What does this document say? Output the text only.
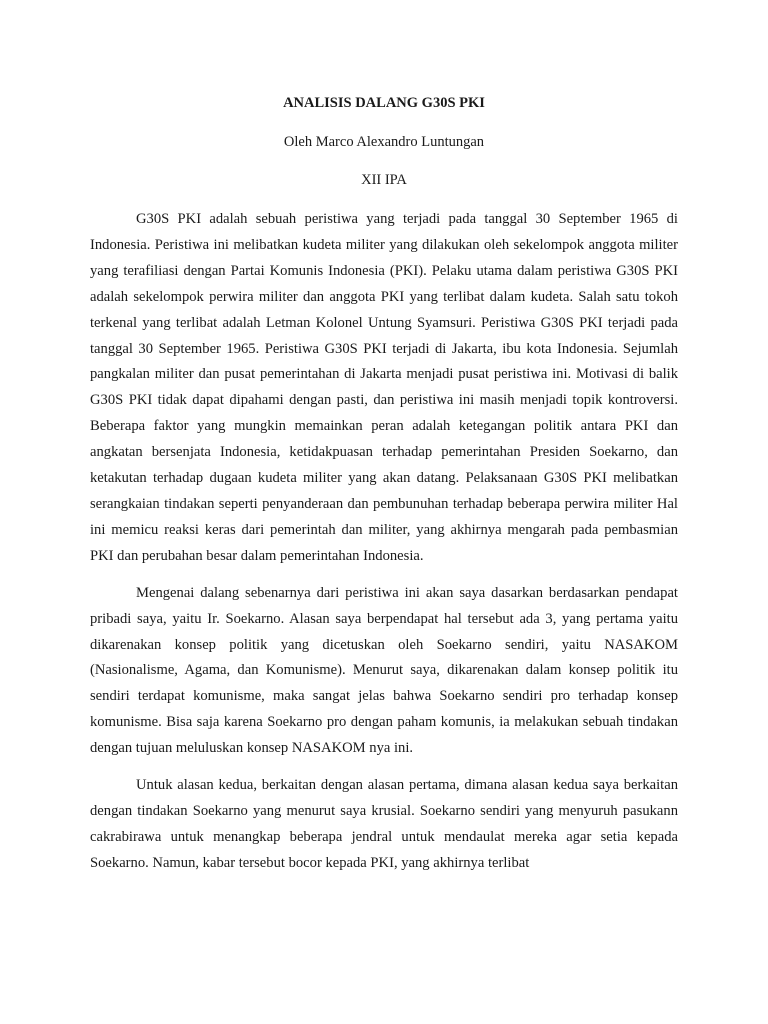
ANALISIS DALANG G30S PKI

Oleh Marco Alexandro Luntungan

XII IPA

G30S PKI adalah sebuah peristiwa yang terjadi pada tanggal 30 September 1965 di Indonesia. Peristiwa ini melibatkan kudeta militer yang dilakukan oleh sekelompok anggota militer yang terafiliasi dengan Partai Komunis Indonesia (PKI). Pelaku utama dalam peristiwa G30S PKI adalah sekelompok perwira militer dan anggota PKI yang terlibat dalam kudeta. Salah satu tokoh terkenal yang terlibat adalah Letman Kolonel Untung Syamsuri. Peristiwa G30S PKI terjadi pada tanggal 30 September 1965. Peristiwa G30S PKI terjadi di Jakarta, ibu kota Indonesia. Sejumlah pangkalan militer dan pusat pemerintahan di Jakarta menjadi pusat peristiwa ini. Motivasi di balik G30S PKI tidak dapat dipahami dengan pasti, dan peristiwa ini masih menjadi topik kontroversi. Beberapa faktor yang mungkin memainkan peran adalah ketegangan politik antara PKI dan angkatan bersenjata Indonesia, ketidakpuasan terhadap pemerintahan Presiden Soekarno, dan ketakutan terhadap dugaan kudeta militer yang akan datang. Pelaksanaan G30S PKI melibatkan serangkaian tindakan seperti penyanderaan dan pembunuhan terhadap beberapa perwira militer Hal ini memicu reaksi keras dari pemerintah dan militer, yang akhirnya mengarah pada pembasmian PKI dan perubahan besar dalam pemerintahan Indonesia.

Mengenai dalang sebenarnya dari peristiwa ini akan saya dasarkan berdasarkan pendapat pribadi saya, yaitu Ir. Soekarno. Alasan saya berpendapat hal tersebut ada 3, yang pertama yaitu dikarenakan konsep politik yang dicetuskan oleh Soekarno sendiri, yaitu NASAKOM (Nasionalisme, Agama, dan Komunisme). Menurut saya, dikarenakan dalam konsep politik itu sendiri terdapat komunisme, maka sangat jelas bahwa Soekarno sendiri pro terhadap konsep komunisme. Bisa saja karena Soekarno pro dengan paham komunis, ia melakukan sebuah tindakan dengan tujuan meluluskan konsep NASAKOM nya ini.

Untuk alasan kedua, berkaitan dengan alasan pertama, dimana alasan kedua saya berkaitan dengan tindakan Soekarno yang menurut saya krusial. Soekarno sendiri yang menyuruh pasukann cakrabirawa untuk menangkap beberapa jendral untuk mendaulat mereka agar setia kepada Soekarno. Namun, kabar tersebut bocor kepada PKI, yang akhirnya terlibat
